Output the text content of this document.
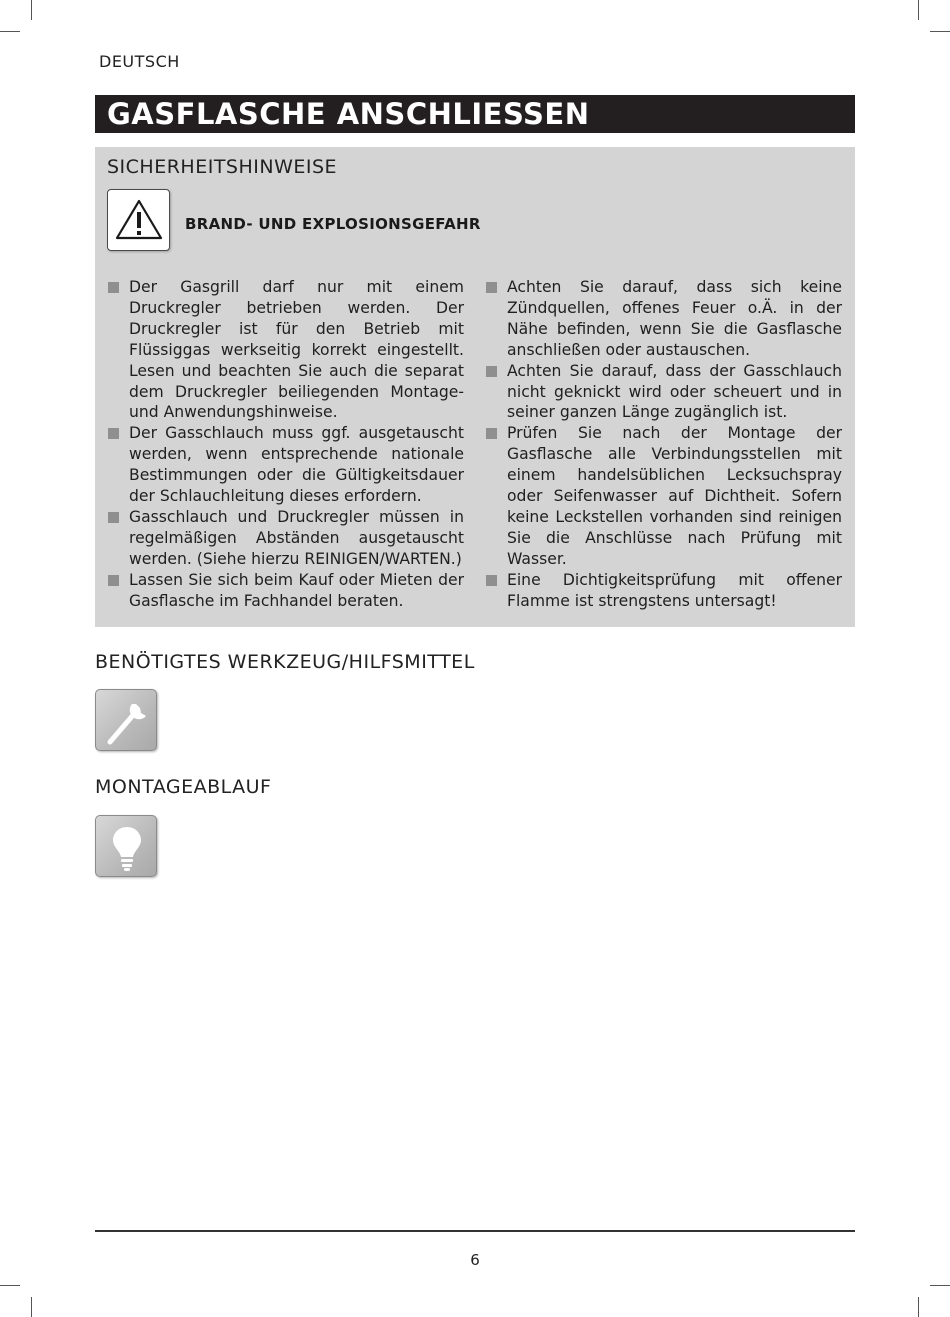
DEUTSCH
GASFLASCHE ANSCHLIESSEN
SICHERHEITSHINWEISE
BRAND- UND EXPLOSIONSGEFAHR
Der Gasgrill darf nur mit einem Druckregler betrieben werden. Der Druckregler ist für den Betrieb mit Flüssiggas werkseitig korrekt eingestellt. Lesen und beachten Sie auch die separat dem Druckregler beiliegenden Montage- und Anwendungshinweise.
Der Gasschlauch muss ggf. ausgetauscht werden, wenn entsprechende nationale Bestimmungen oder die Gültigkeitsdauer der Schlauchleitung dieses erfordern.
Gasschlauch und Druckregler müssen in regelmäßigen Abständen ausgetauscht werden. (Siehe hierzu REINIGEN/WARTEN.)
Lassen Sie sich beim Kauf oder Mieten der Gasflasche im Fachhandel beraten.
Achten Sie darauf, dass sich keine Zündquellen, offenes Feuer o.Ä. in der Nähe befinden, wenn Sie die Gasflasche anschließen oder austauschen.
Achten Sie darauf, dass der Gasschlauch nicht geknickt wird oder scheuert und in seiner ganzen Länge zugänglich ist.
Prüfen Sie nach der Montage der Gasflasche alle Verbindungsstellen mit einem handelsüblichen Lecksuchspray oder Seifenwasser auf Dichtheit. Sofern keine Leckstellen vorhanden sind reinigen Sie die Anschlüsse nach Prüfung mit Wasser.
Eine Dichtigkeitsprüfung mit offener Flamme ist strengstens untersagt!
BENÖTIGTES WERKZEUG/HILFSMITTEL
MONTAGEABLAUF
6
